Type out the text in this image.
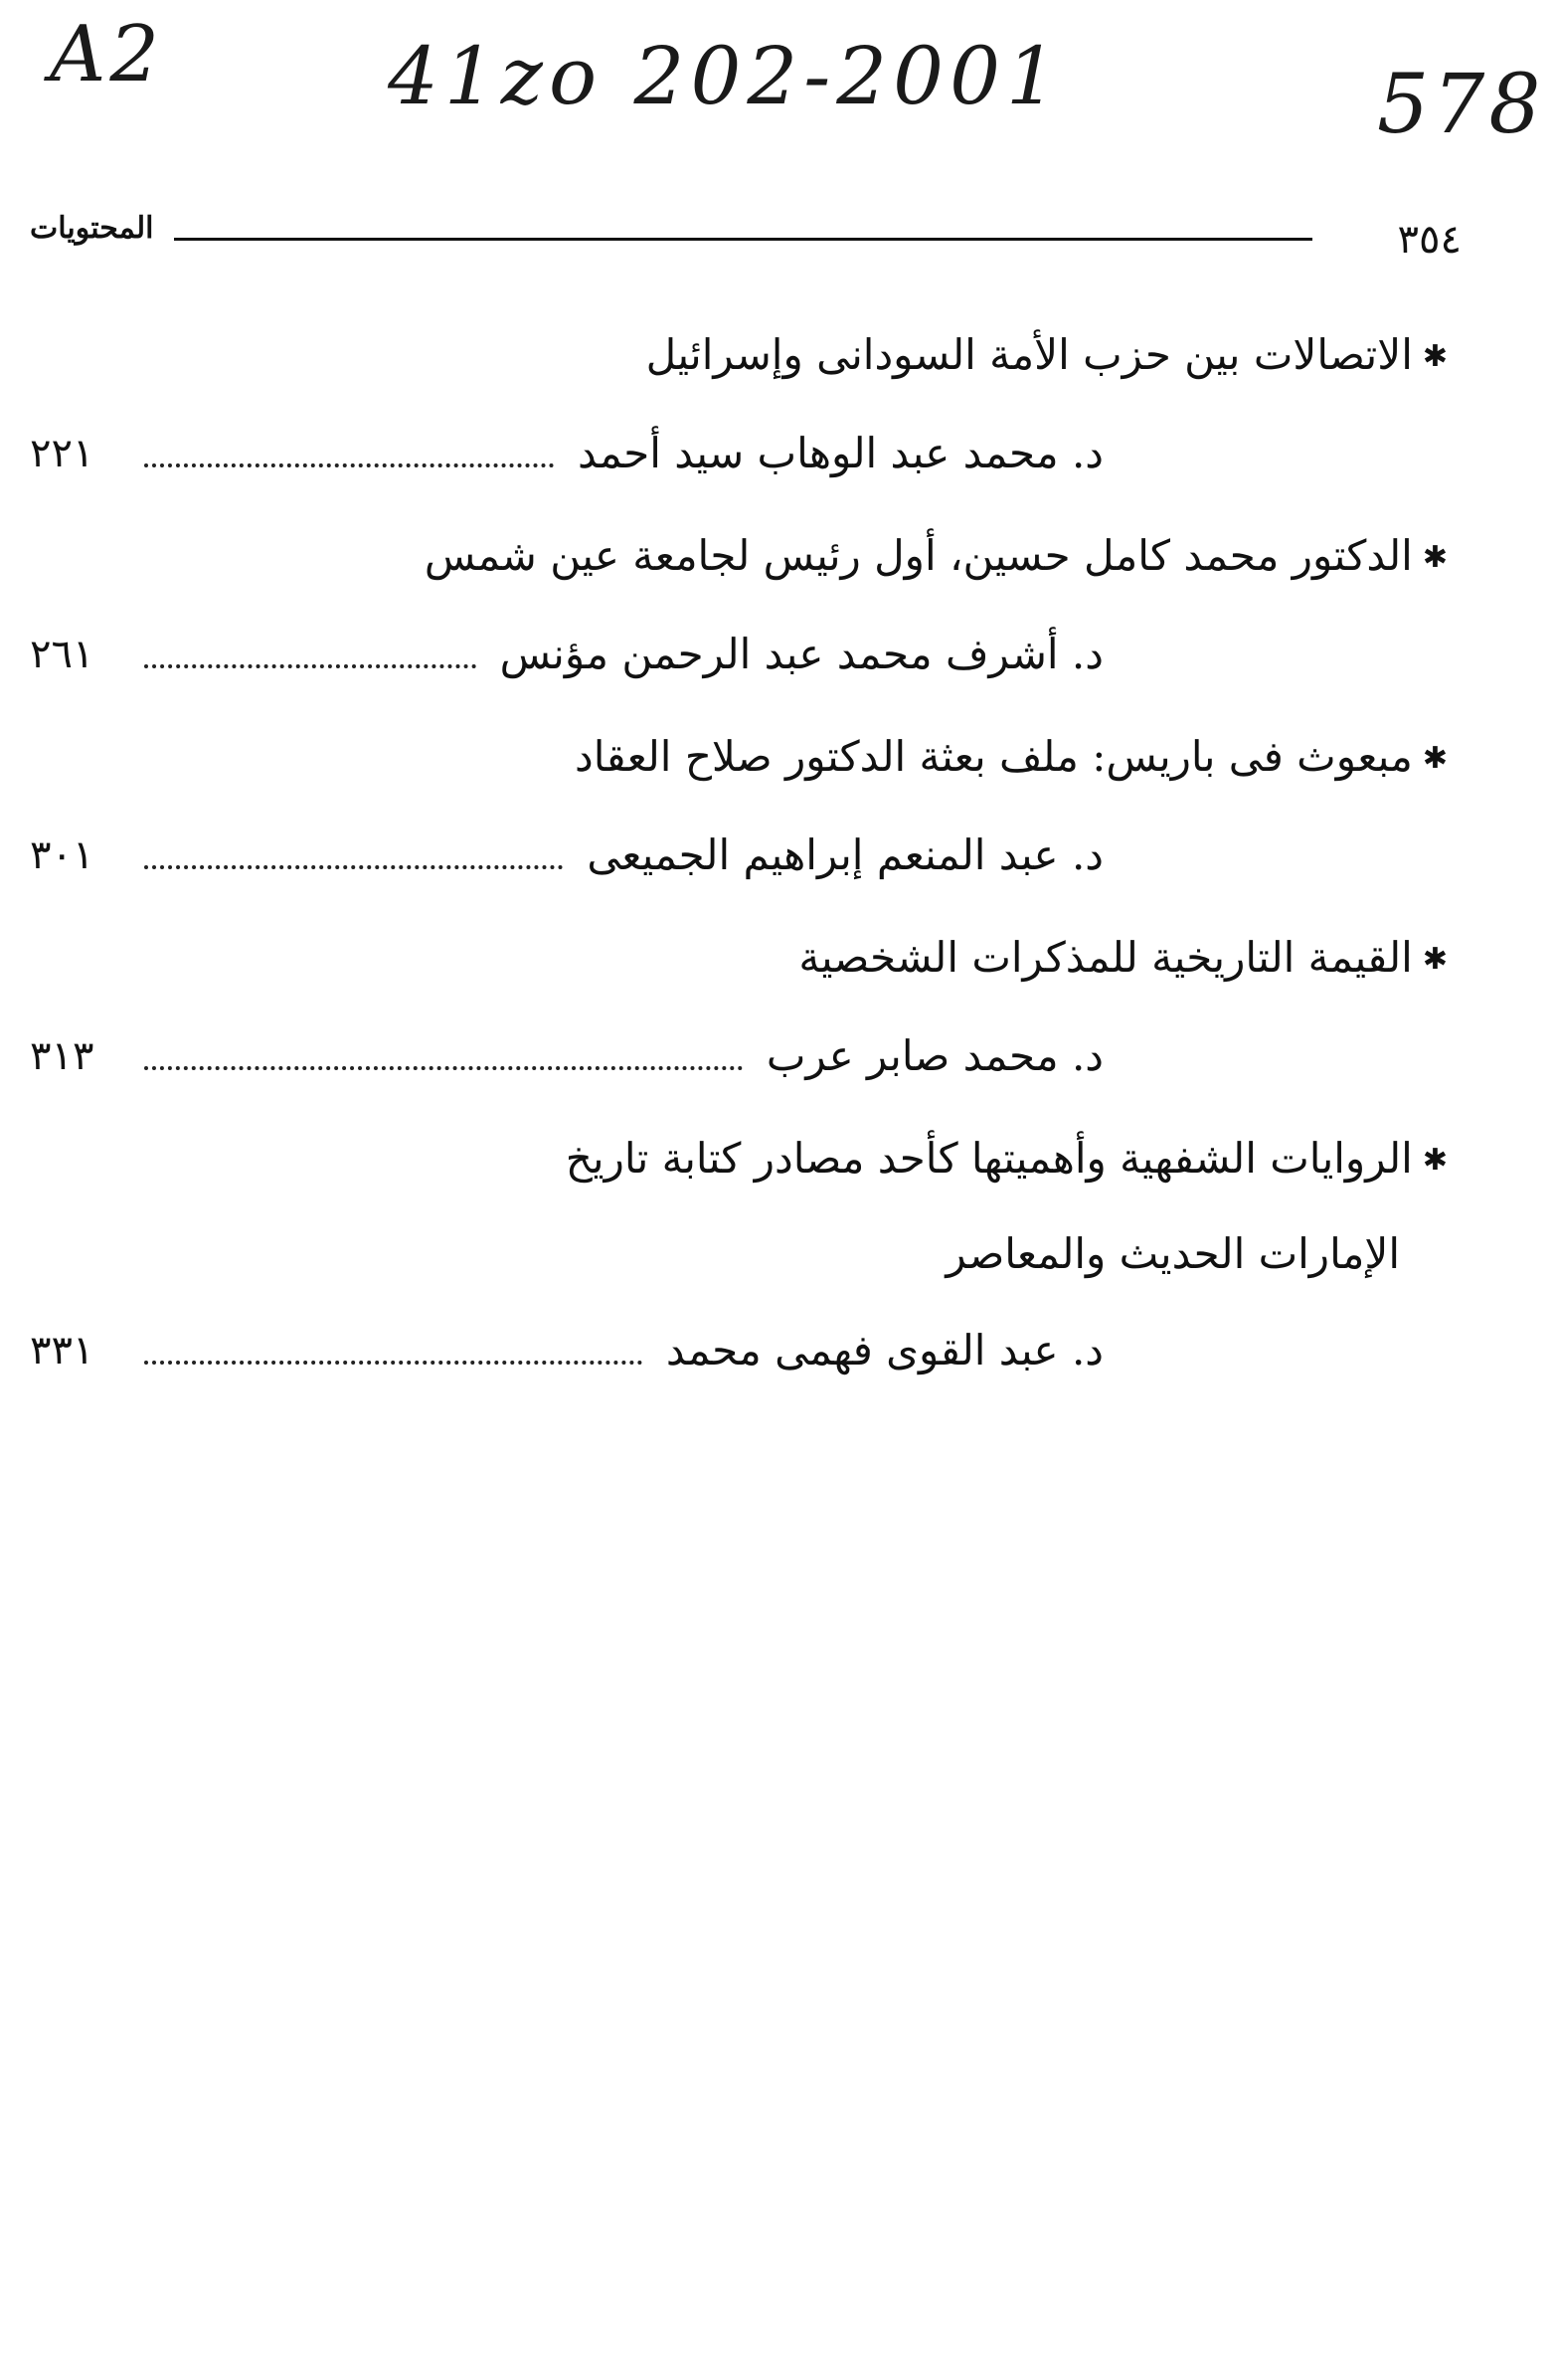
A2	41zo 202-2001	578
المحتويات	٣٥٤
✱الاتصالات بين حزب الأمة السودانى وإسرائيل
٢٢١	د. محمد عبد الوهاب سيد أحمد
✱الدكتور محمد كامل حسين، أول رئيس لجامعة عين شمس
٢٦١	د. أشرف محمد عبد الرحمن مؤنس
✱مبعوث فى باريس: ملف بعثة الدكتور صلاح العقاد
٣٠١	د. عبد المنعم إبراهيم الجميعى
✱القيمة التاريخية للمذكرات الشخصية
٣١٣	د. محمد صابر عرب
✱الروايات الشفهية وأهميتها كأحد مصادر كتابة تاريخ
الإمارات الحديث والمعاصر
٣٣١	د. عبد القوى فهمى محمد
